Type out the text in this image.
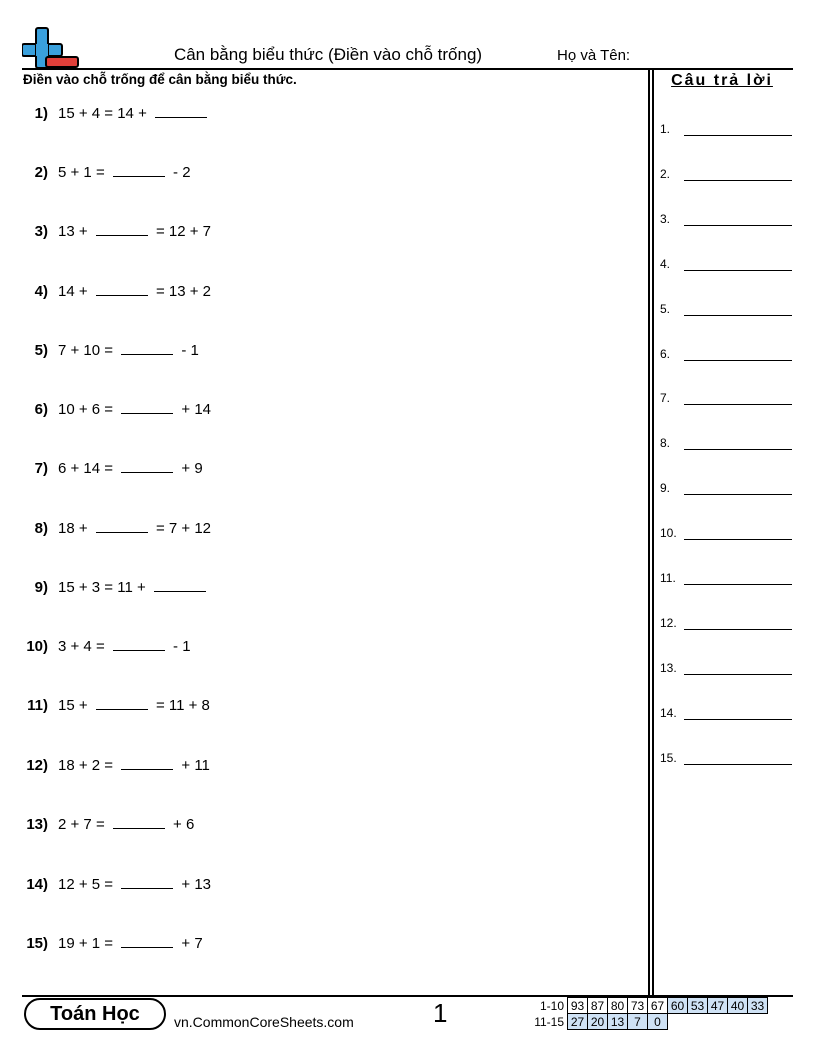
Cân bằng biểu thức (Điền vào chỗ trống)	Họ và Tên:
Điền vào chỗ trống để cân bằng biểu thức.	Câu trả lời
1) 15 + 4 = 14 +
2) 5 + 1 =	- 2
3) 13 +	= 12 + 7
4) 14 +	= 13 + 2
5) 7 + 10 =	- 1
6) 10 + 6 =	+ 14
7) 6 + 14 =	+ 9
8) 18 +	= 7 + 12
9) 15 + 3 = 11 +
10) 3 + 4 =	- 1
11) 15 +	= 11 + 8
12) 18 + 2 =	+ 11
13) 2 + 7 =	+ 6
14) 12 + 5 =	+ 13
15) 19 + 1 =	+ 7
1.
2.
3.
4.
5.
6.
7.
8.
9.
10.
11.
12.
13.
14.
15.
Toán Học	vn.CommonCoreSheets.com	1	1-10	93	87	80	73	67	60	53	47	40	33
11-15	27	20	13	7	0					
